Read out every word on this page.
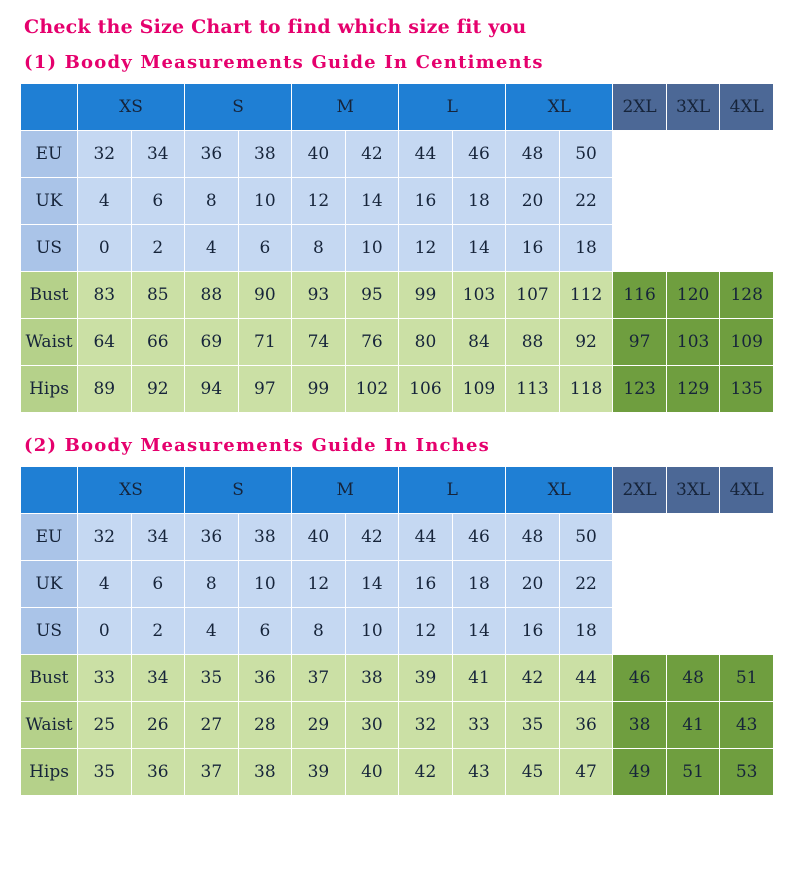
Check the Size Chart to find which size fit you
(1) Boody Measurements Guide In Centiments
	XS		S		M		L		XL		2XL	3XL	4XL
EU	32	34	36	38	40	42	44	46	48	50			
UK	4	6	8	10	12	14	16	18	20	22			
US	0	2	4	6	8	10	12	14	16	18			
Bust	83	85	88	90	93	95	99	103	107	112	116	120	128
Waist	64	66	69	71	74	76	80	84	88	92	97	103	109
Hips	89	92	94	97	99	102	106	109	113	118	123	129	135
(2) Boody Measurements Guide In Inches
	XS		S		M		L		XL		2XL	3XL	4XL
EU	32	34	36	38	40	42	44	46	48	50			
UK	4	6	8	10	12	14	16	18	20	22			
US	0	2	4	6	8	10	12	14	16	18			
Bust	33	34	35	36	37	38	39	41	42	44	46	48	51
Waist	25	26	27	28	29	30	32	33	35	36	38	41	43
Hips	35	36	37	38	39	40	42	43	45	47	49	51	53
